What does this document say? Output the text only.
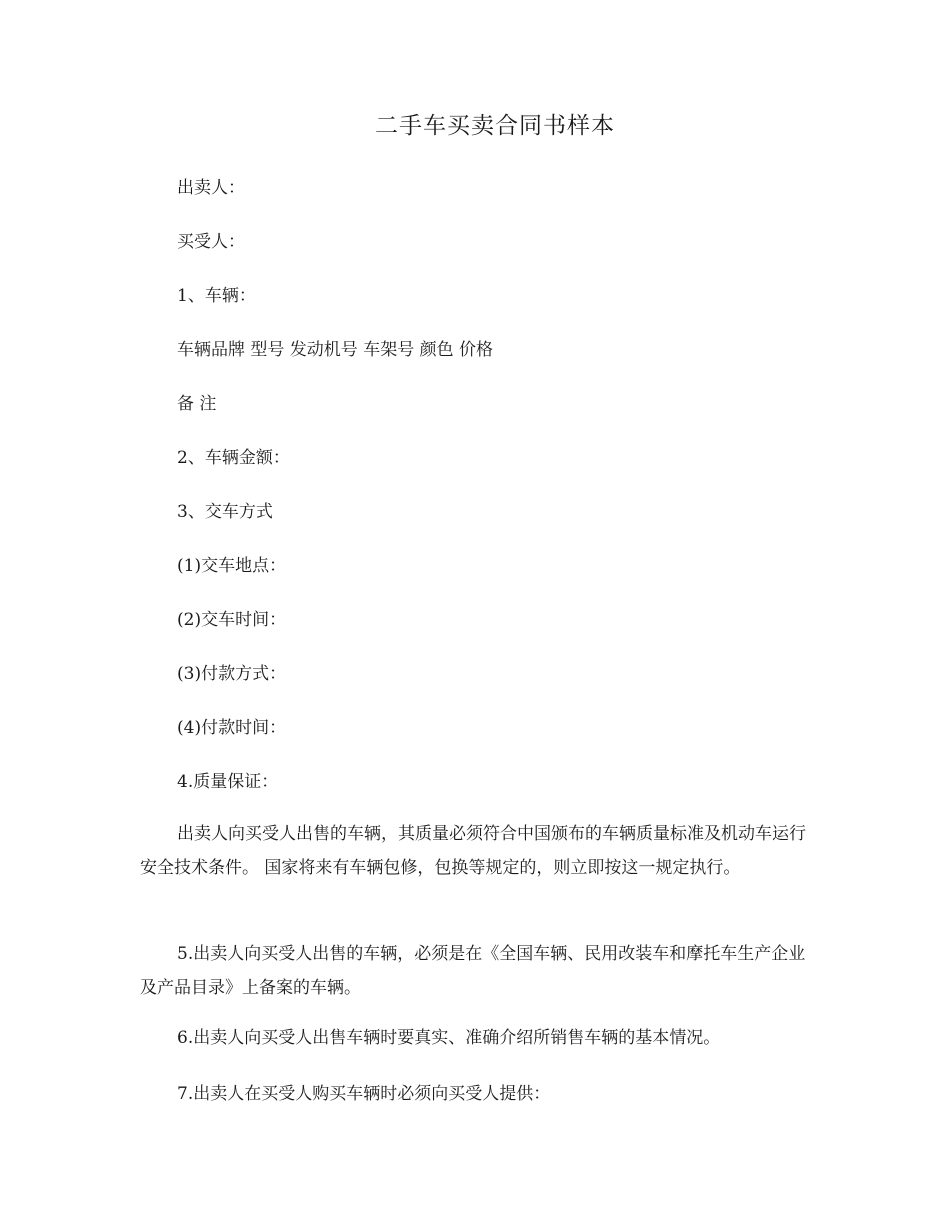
二手车买卖合同书样本
出卖人：
买受人：
1、车辆：
车辆品牌 型号 发动机号 车架号 颜色 价格
备 注
2、车辆金额：
3、交车方式
(1)交车地点：
(2)交车时间：
(3)付款方式：
(4)付款时间：
4.质量保证：
出卖人向买受人出售的车辆，其质量必须符合中国颁布的车辆质量标准及机动车运行安全技术条件。 国家将来有车辆包修，包换等规定的，则立即按这一规定执行。
5.出卖人向买受人出售的车辆，必须是在《全国车辆、民用改装车和摩托车生产企业及产品目录》上备案的车辆。
6.出卖人向买受人出售车辆时要真实、准确介绍所销售车辆的基本情况。
7.出卖人在买受人购买车辆时必须向买受人提供：
